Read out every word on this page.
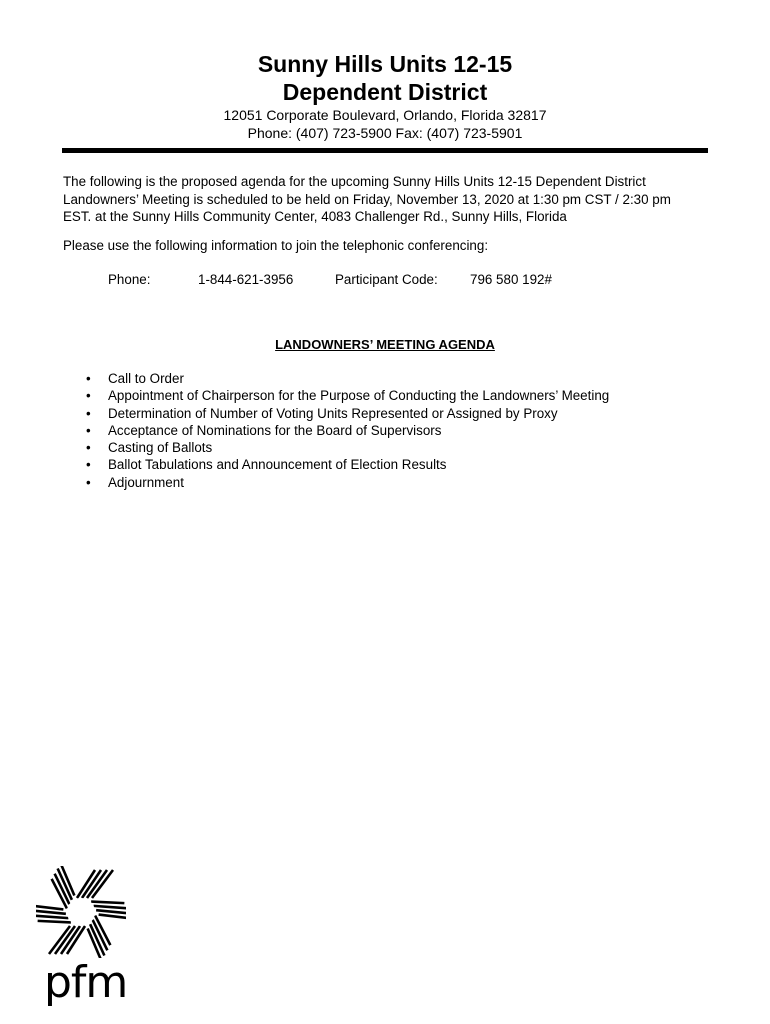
Sunny Hills Units 12-15

Dependent District

12051 Corporate Boulevard, Orlando, Florida 32817

Phone: (407) 723-5900 Fax: (407) 723-5901

The following is the proposed agenda for the upcoming Sunny Hills Units 12-15 Dependent District
Landowners’ Meeting is scheduled to be held on Friday, November 13, 2020 at 1:30 pm CST / 2:30 pm
EST. at the Sunny Hills Community Center, 4083 Challenger Rd., Sunny Hills, Florida
Please use the following information to join the telephonic conferencing:
Phone:	1-844-621-3956	Participant Code: 796 580 192#
LANDOWNERS’ MEETING AGENDA
• Call to Order
• Appointment of Chairperson for the Purpose of Conducting the Landowners’ Meeting
• Determination of Number of Voting Units Represented or Assigned by Proxy
• Acceptance of Nominations for the Board of Supervisors
• Casting of Ballots
• Ballot Tabulations and Announcement of Election Results
• Adjournment
pfm
